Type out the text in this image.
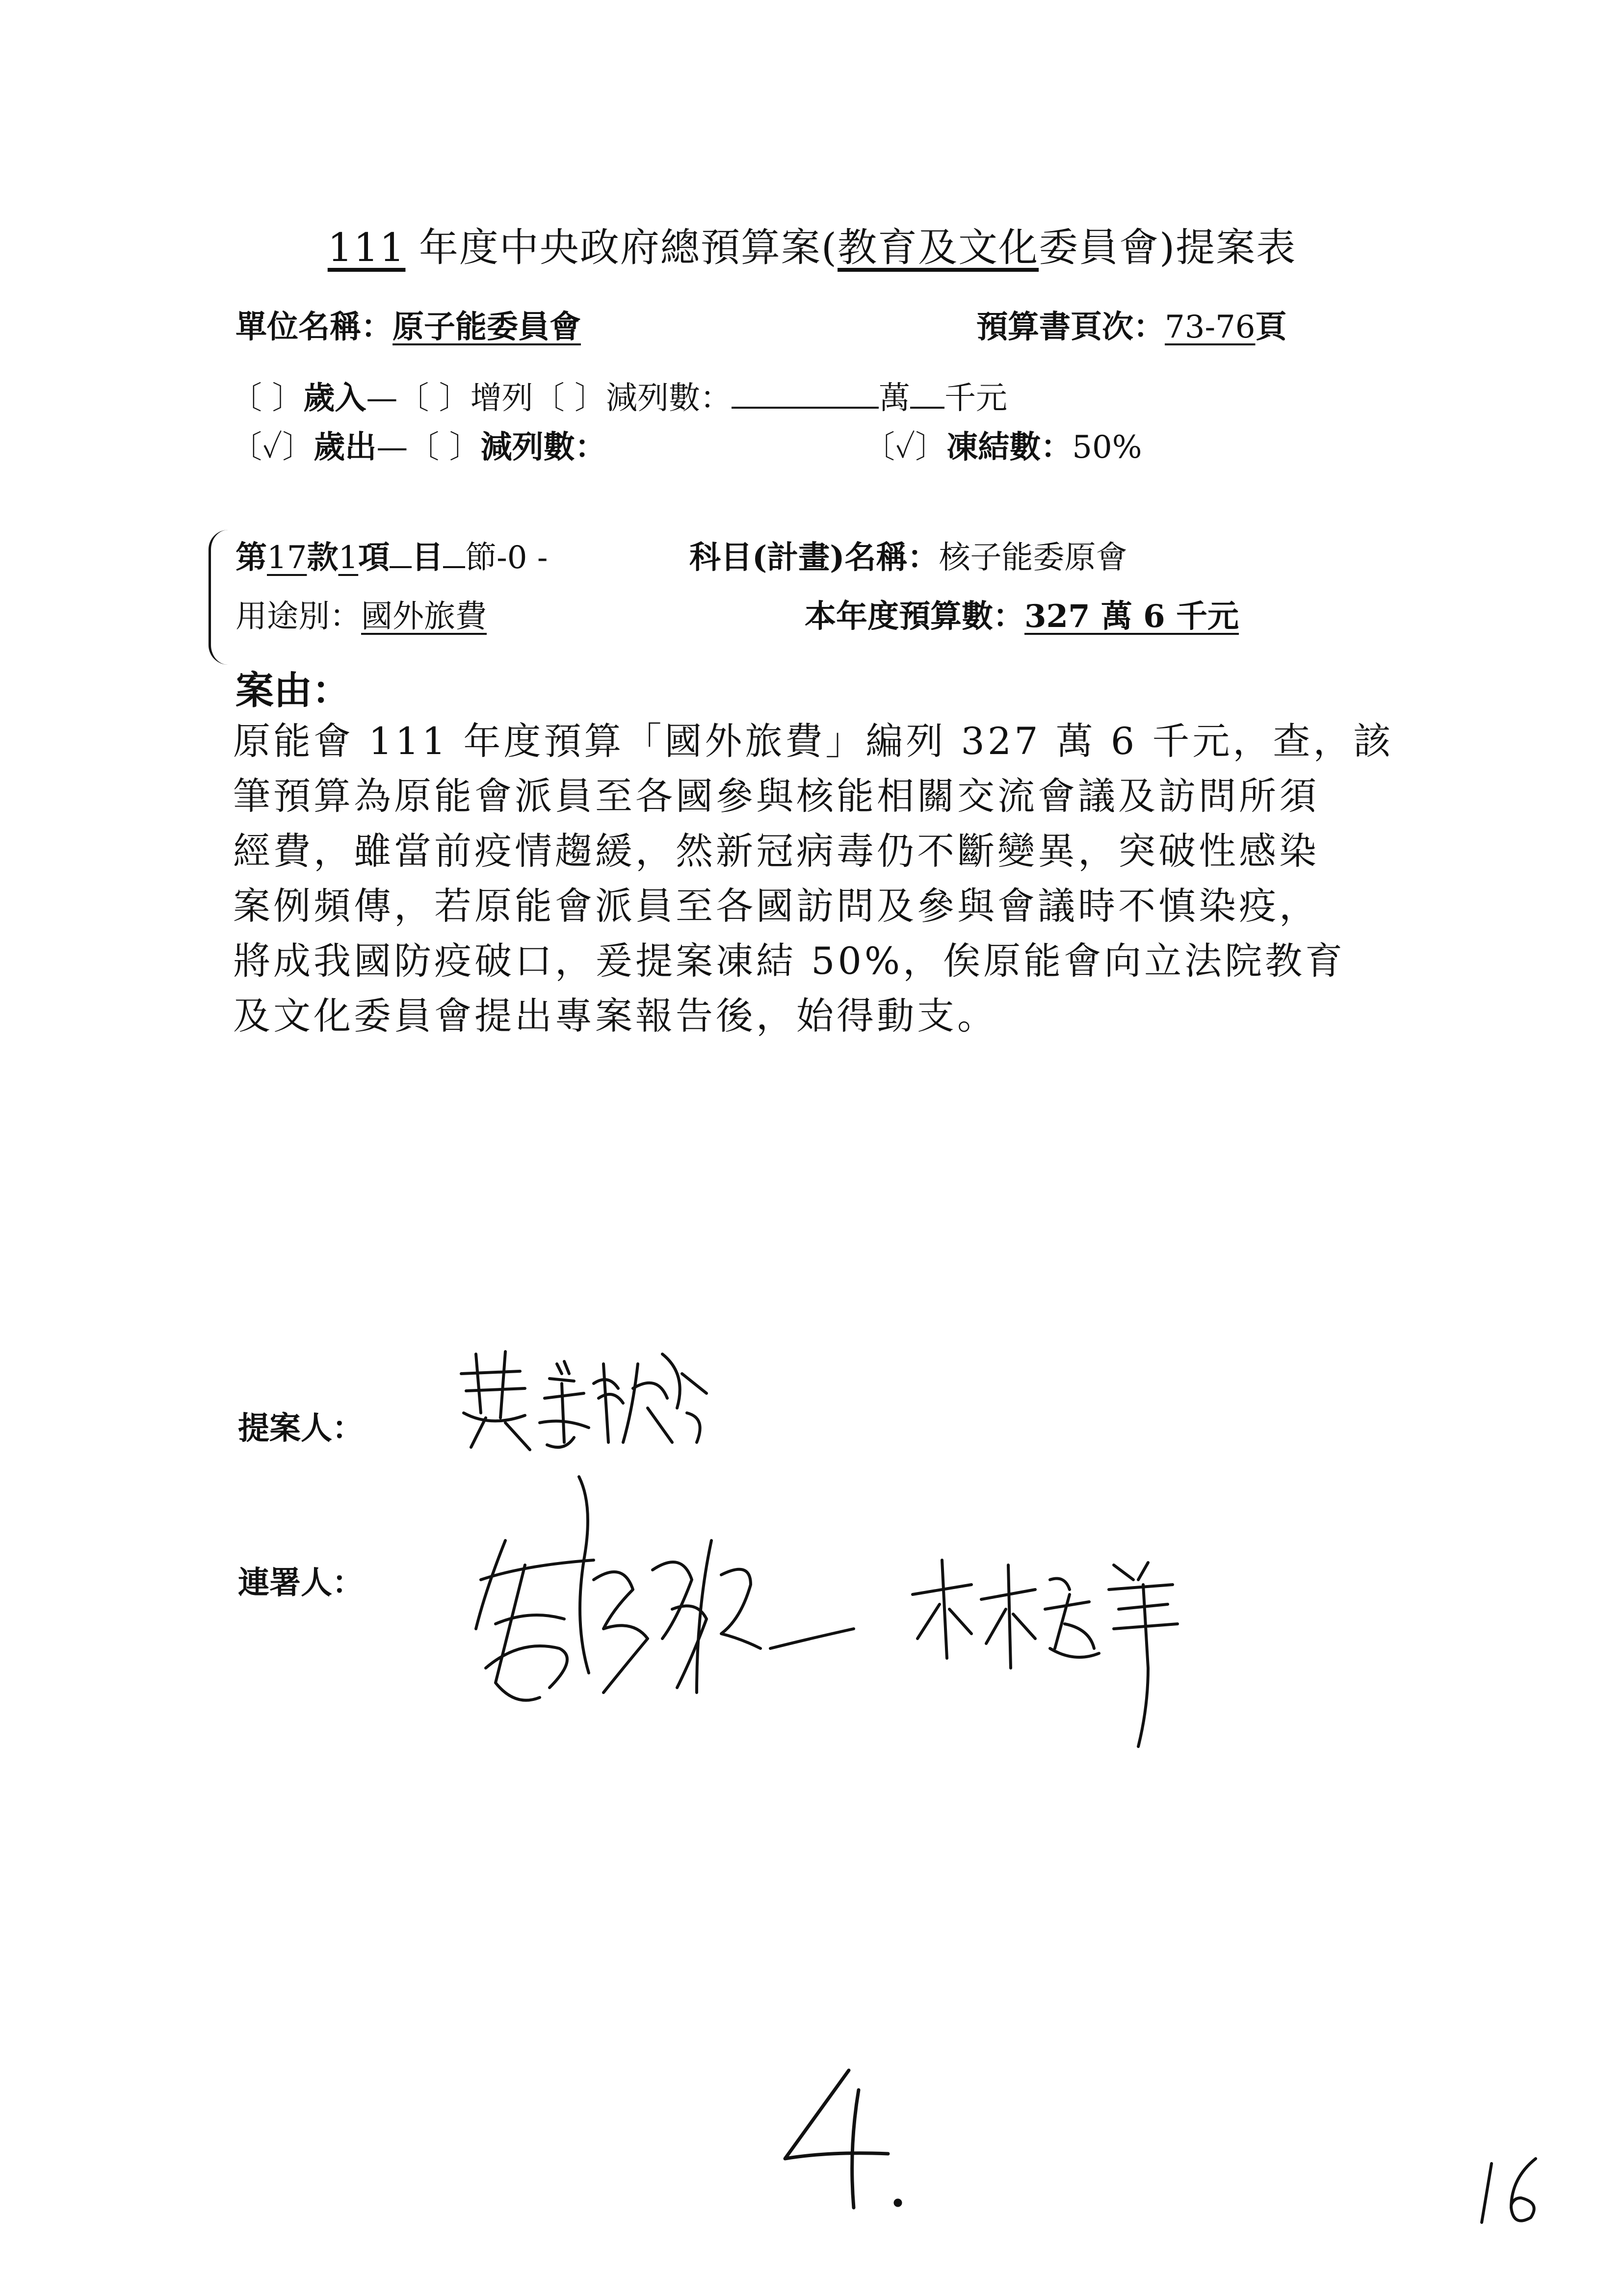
111 年度中央政府總預算案(教育及文化委員會)提案表
單位名稱：原子能委員會	預算書頁次：73-76頁
〔 〕歲入—〔 〕增列〔 〕減列數：	萬 千元
〔✓〕歲出—〔 〕減列數：	〔✓〕凍結數：50%
第17款1項 目 節-0 -	科目(計畫)名稱：核子能委原會
用途別：國外旅費	本年度預算數：327 萬 6 千元
案由：

原能會 111 年度預算「國外旅費」編列 327 萬 6 千元，查，該

筆預算為原能會派員至各國參與核能相關交流會議及訪問所須

經費，雖當前疫情趨緩，然新冠病毒仍不斷變異，突破性感染

案例頻傳，若原能會派員至各國訪問及參與會議時不慎染疫，

將成我國防疫破口，爰提案凍結 50%，俟原能會向立法院教育

及文化委員會提出專案報告後，始得動支。

提案人：
連署人：
